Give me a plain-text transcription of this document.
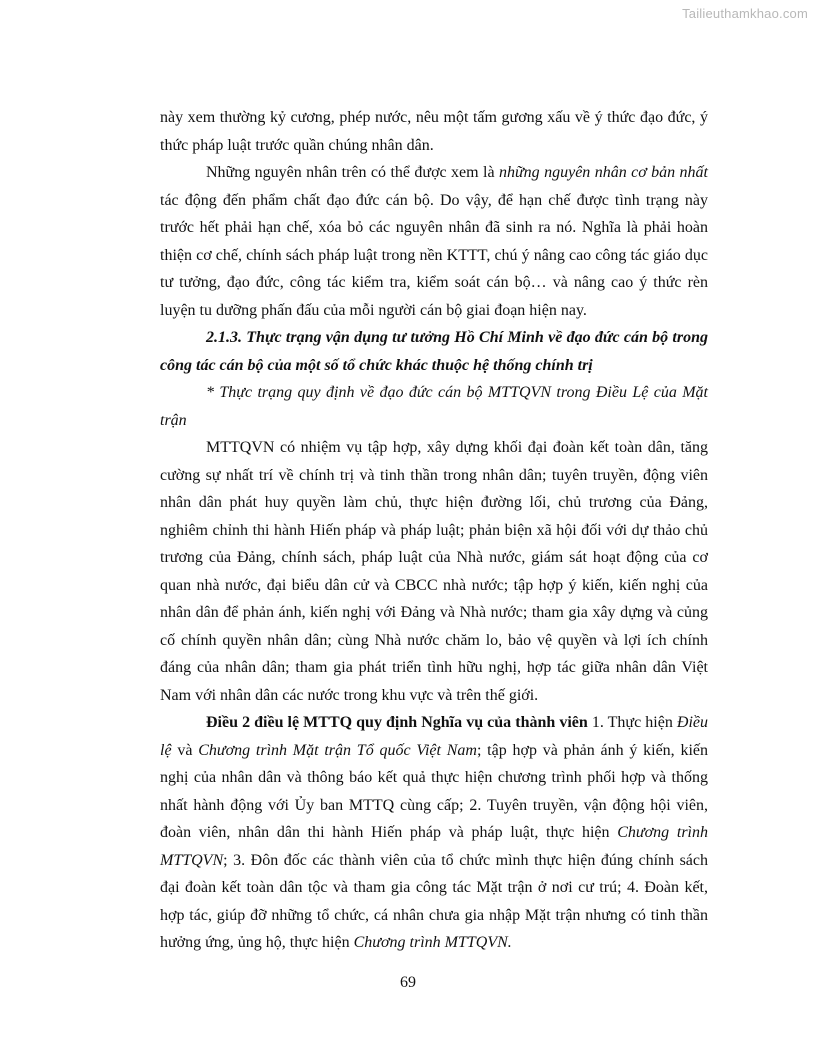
Tailieuthamkhao.com

này xem thường kỷ cương, phép nước, nêu một tấm gương xấu về ý thức đạo đức, ý thức pháp luật trước quần chúng nhân dân.

Những nguyên nhân trên có thể được xem là những nguyên nhân cơ bản nhất tác động đến phẩm chất đạo đức cán bộ. Do vậy, để hạn chế được tình trạng này trước hết phải hạn chế, xóa bỏ các nguyên nhân đã sinh ra nó. Nghĩa là phải hoàn thiện cơ chế, chính sách pháp luật trong nền KTTT, chú ý nâng cao công tác giáo dục tư tưởng, đạo đức, công tác kiểm tra, kiểm soát cán bộ… và nâng cao ý thức rèn luyện tu dưỡng phấn đấu của mỗi người cán bộ giai đoạn hiện nay.

2.1.3. Thực trạng vận dụng tư tưởng Hồ Chí Minh về đạo đức cán bộ trong công tác cán bộ của một số tổ chức khác thuộc hệ thống chính trị

* Thực trạng quy định về đạo đức cán bộ MTTQVN trong Điều Lệ của Mặt trận

MTTQVN có nhiệm vụ tập hợp, xây dựng khối đại đoàn kết toàn dân, tăng cường sự nhất trí về chính trị và tinh thần trong nhân dân; tuyên truyền, động viên nhân dân phát huy quyền làm chủ, thực hiện đường lối, chủ trương của Đảng, nghiêm chỉnh thi hành Hiến pháp và pháp luật; phản biện xã hội đối với dự thảo chủ trương của Đảng, chính sách, pháp luật của Nhà nước, giám sát hoạt động của cơ quan nhà nước, đại biểu dân cử và CBCC nhà nước; tập hợp ý kiến, kiến nghị của nhân dân để phản ánh, kiến nghị với Đảng và Nhà nước; tham gia xây dựng và củng cố chính quyền nhân dân; cùng Nhà nước chăm lo, bảo vệ quyền và lợi ích chính đáng của nhân dân; tham gia phát triển tình hữu nghị, hợp tác giữa nhân dân Việt Nam với nhân dân các nước trong khu vực và trên thế giới.

Điều 2 điều lệ MTTQ quy định Nghĩa vụ của thành viên 1. Thực hiện Điều lệ và Chương trình Mặt trận Tổ quốc Việt Nam; tập hợp và phản ánh ý kiến, kiến nghị của nhân dân và thông báo kết quả thực hiện chương trình phối hợp và thống nhất hành động với Ủy ban MTTQ cùng cấp; 2. Tuyên truyền, vận động hội viên, đoàn viên, nhân dân thi hành Hiến pháp và pháp luật, thực hiện Chương trình MTTQVN; 3. Đôn đốc các thành viên của tổ chức mình thực hiện đúng chính sách đại đoàn kết toàn dân tộc và tham gia công tác Mặt trận ở nơi cư trú; 4. Đoàn kết, hợp tác, giúp đỡ những tổ chức, cá nhân chưa gia nhập Mặt trận nhưng có tinh thần hưởng ứng, ủng hộ, thực hiện Chương trình MTTQVN.

69
